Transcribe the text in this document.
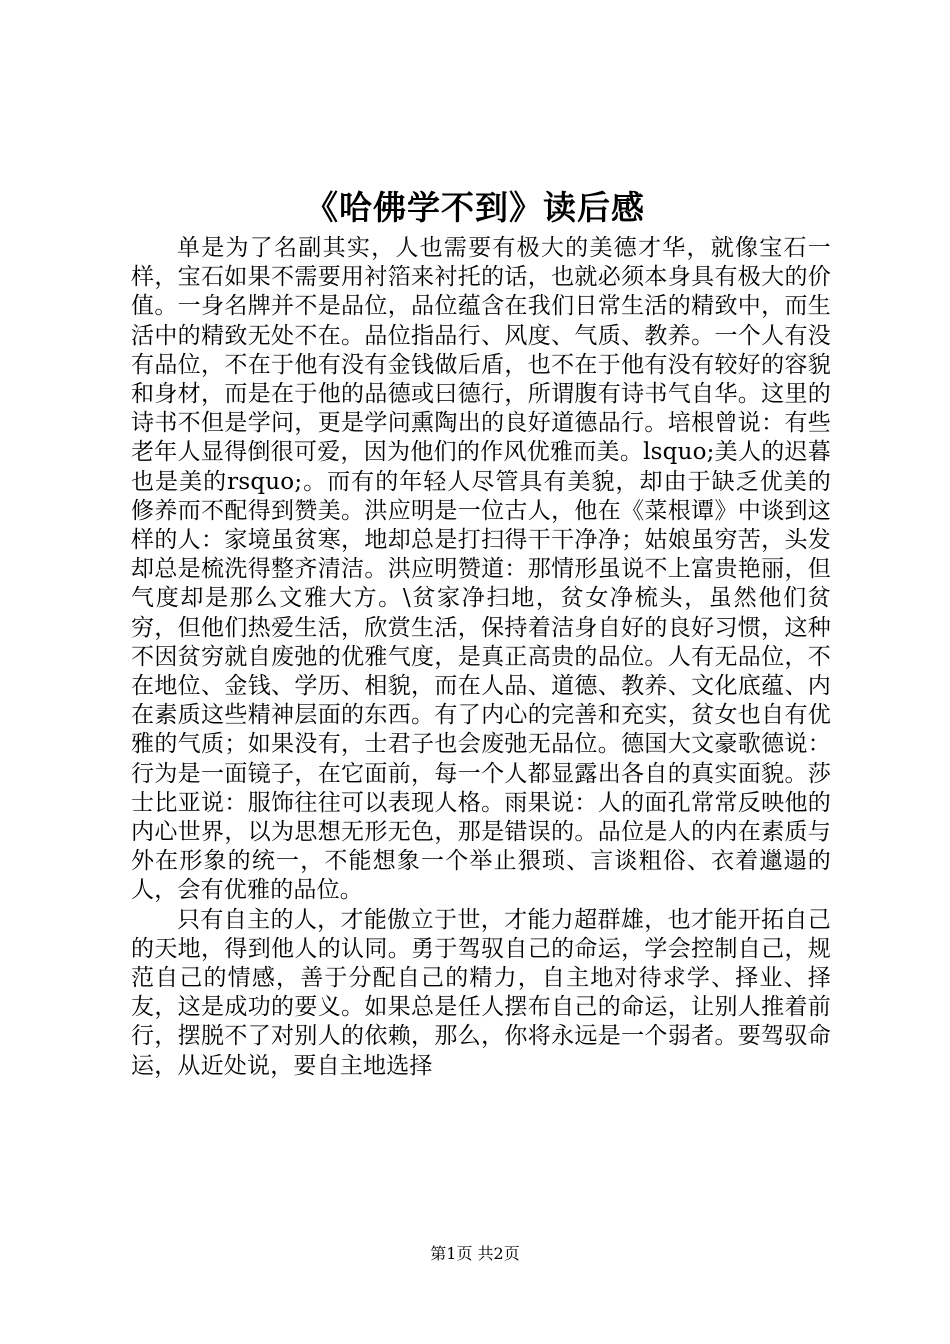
《哈佛学不到》读后感

单是为了名副其实，人也需要有极大的美德才华，就像宝石一样，宝石如果不需要用衬箔来衬托的话，也就必须本身具有极大的价值。一身名牌并不是品位，品位蕴含在我们日常生活的精致中，而生活中的精致无处不在。品位指品行、风度、气质、教养。一个人有没有品位，不在于他有没有金钱做后盾，也不在于他有没有较好的容貌和身材，而是在于他的品德或曰德行，所谓腹有诗书气自华。这里的诗书不但是学问，更是学问熏陶出的良好道德品行。培根曾说：有些老年人显得倒很可爱，因为他们的作风优雅而美。lsquo;美人的迟暮也是美的rsquo;。而有的年轻人尽管具有美貌，却由于缺乏优美的修养而不配得到赞美。洪应明是一位古人，他在《菜根谭》中谈到这样的人：家境虽贫寒，地却总是打扫得干干净净；姑娘虽穷苦，头发却总是梳洗得整齐清洁。洪应明赞道：那情形虽说不上富贵艳丽，但气度却是那么文雅大方。\贫家净扫地，贫女净梳头，虽然他们贫穷，但他们热爱生活，欣赏生活，保持着洁身自好的良好习惯，这种不因贫穷就自废弛的优雅气度，是真正高贵的品位。人有无品位，不在地位、金钱、学历、相貌，而在人品、道德、教养、文化底蕴、内在素质这些精神层面的东西。有了内心的完善和充实，贫女也自有优雅的气质；如果没有，士君子也会废弛无品位。德国大文豪歌德说：行为是一面镜子，在它面前，每一个人都显露出各自的真实面貌。莎士比亚说：服饰往往可以表现人格。雨果说：人的面孔常常反映他的内心世界，以为思想无形无色，那是错误的。品位是人的内在素质与外在形象的统一，不能想象一个举止猥琐、言谈粗俗、衣着邋遢的人，会有优雅的品位。

只有自主的人，才能傲立于世，才能力超群雄，也才能开拓自己的天地，得到他人的认同。勇于驾驭自己的命运，学会控制自己，规范自己的情感，善于分配自己的精力，自主地对待求学、择业、择友，这是成功的要义。如果总是任人摆布自己的命运，让别人推着前行，摆脱不了对别人的依赖，那么，你将永远是一个弱者。要驾驭命运，从近处说，要自主地选择

第1页 共2页
